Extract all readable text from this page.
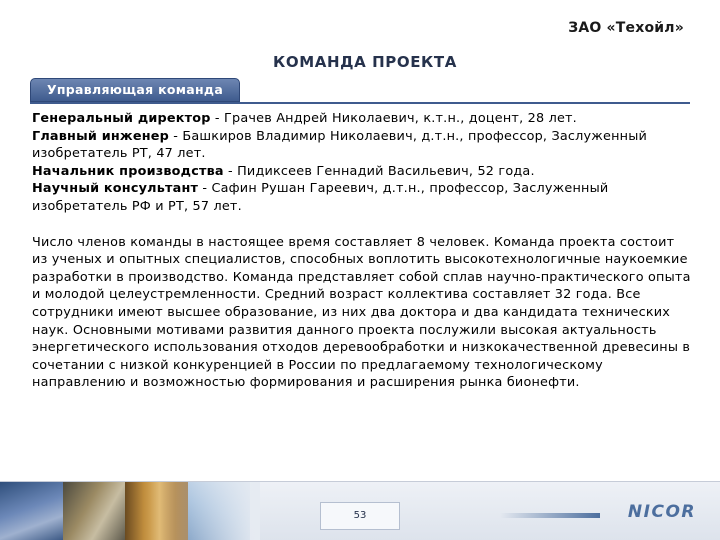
ЗАО «Техойл»
КОМАНДА ПРОЕКТА
Управляющая команда

Генеральный директор - Грачев Андрей Николаевич, к.т.н., доцент, 28 лет.

Главный инженер - Башкиров Владимир Николаевич, д.т.н., профессор, Заслуженный изобретатель РТ, 47 лет.

Начальник производства - Пидиксеев Геннадий Васильевич, 52 года.

Научный консультант - Сафин Рушан Гареевич, д.т.н., профессор, Заслуженный изобретатель РФ и РТ, 57 лет.

Число членов команды в настоящее время составляет 8 человек. Команда проекта состоит из ученых и опытных специалистов, способных воплотить высокотехнологичные наукоемкие разработки в производство. Команда представляет собой сплав научно-практического опыта и молодой целеустремленности. Средний возраст коллектива составляет 32 года. Все сотрудники имеют высшее образование, из них два доктора и два кандидата технических наук. Основными мотивами развития данного проекта послужили высокая актуальность энергетического использования отходов деревообработки и низкокачественной древесины в сочетании с низкой конкуренцией в России по предлагаемому технологическому направлению и возможностью формирования и расширения рынка бионефти.

53	NICOR
